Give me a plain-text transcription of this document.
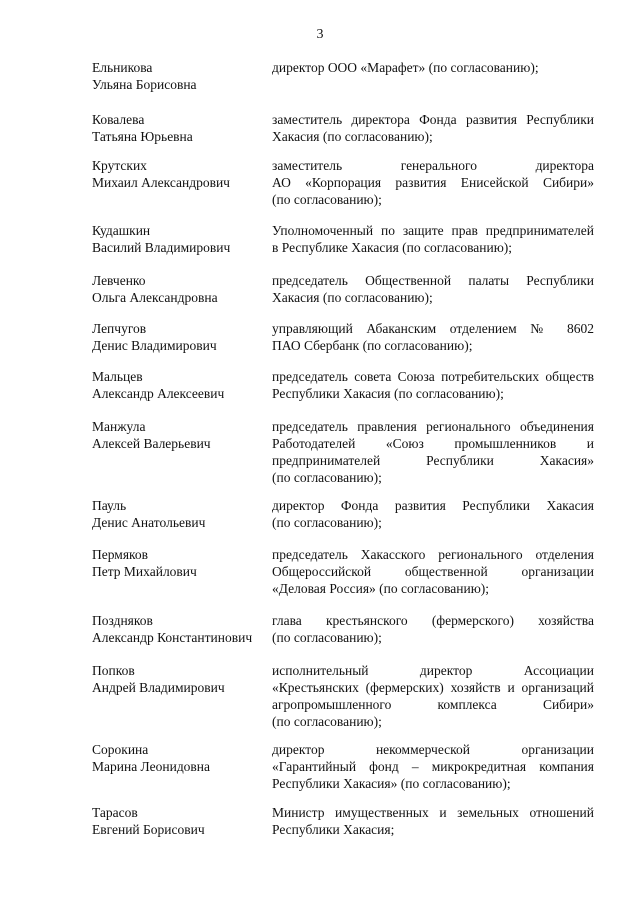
3
Ельникова
Ульяна Борисовна
директор ООО «Марафет» (по согласованию);
Ковалева
Татьяна Юрьевна
заместитель директора Фонда развития Республики
Хакасия (по согласованию);
Крутских
Михаил Александрович
заместитель генерального директора
АО «Корпорация развития Енисейской Сибири»
(по согласованию);
Кудашкин
Василий Владимирович
Уполномоченный по защите прав предпринимателей
в Республике Хакасия (по согласованию);
Левченко
Ольга Александровна
председатель Общественной палаты Республики
Хакасия (по согласованию);
Лепчугов
Денис Владимирович
управляющий Абаканским отделением № 8602
ПАО Сбербанк (по согласованию);
Мальцев
Александр Алексеевич
председатель совета Союза потребительских обществ
Республики Хакасия (по согласованию);
Манжула
Алексей Валерьевич
председатель правления регионального объединения
Работодателей «Союз промышленников и
предпринимателей Республики Хакасия»
(по согласованию);
Пауль
Денис Анатольевич
директор Фонда развития Республики Хакасия
(по согласованию);
Пермяков
Петр Михайлович
председатель Хакасского регионального отделения
Общероссийской общественной организации
«Деловая Россия» (по согласованию);
Поздняков
Александр Константинович
глава крестьянского (фермерского) хозяйства
(по согласованию);
Попков
Андрей Владимирович
исполнительный директор Ассоциации
«Крестьянских (фермерских) хозяйств и организаций
агропромышленного комплекса Сибири»
(по согласованию);
Сорокина
Марина Леонидовна
директор некоммерческой организации
«Гарантийный фонд – микрокредитная компания
Республики Хакасия» (по согласованию);
Тарасов
Евгений Борисович
Министр имущественных и земельных отношений
Республики Хакасия;
